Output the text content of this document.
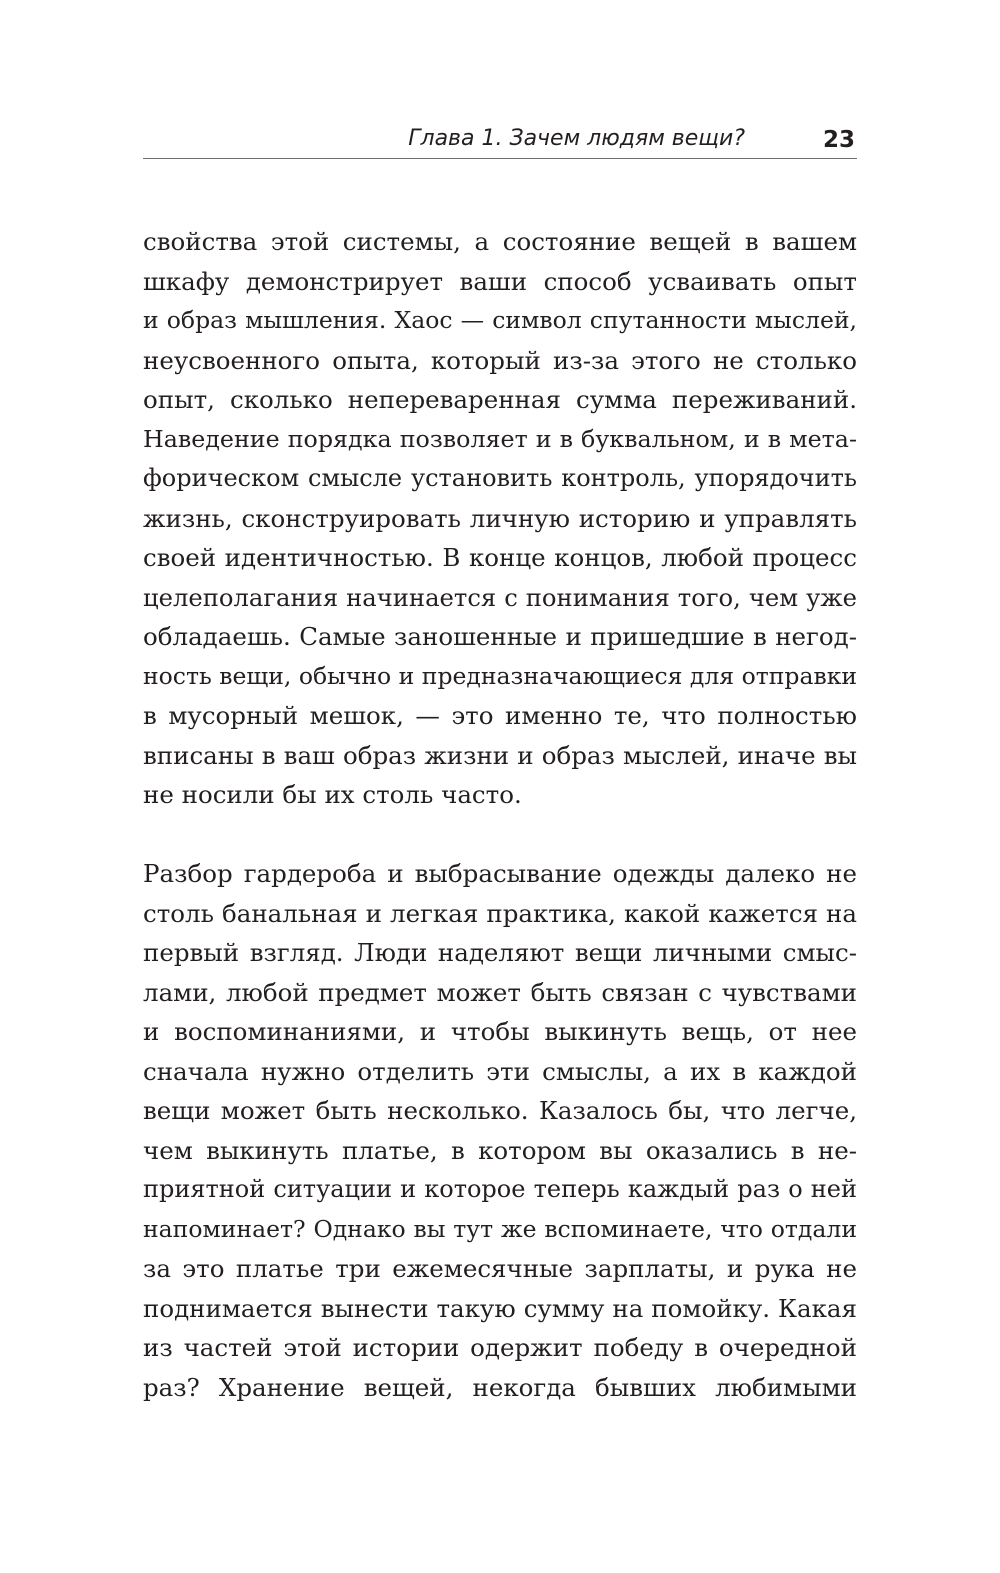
Глава 1. Зачем людям вещи?	23
свойства этой системы, а состояние вещей в вашем
шкафу демонстрирует ваши способ усваивать опыт
и образ мышления. Хаос — символ спутанности мыслей,
неусвоенного опыта, который из-за этого не столько
опыт, сколько непереваренная сумма переживаний.
Наведение порядка позволяет и в буквальном, и в мета-
форическом смысле установить контроль, упорядочить
жизнь, сконструировать личную историю и управлять
своей идентичностью. В конце концов, любой процесс
целеполагания начинается с понимания того, чем уже
обладаешь. Самые заношенные и пришедшие в негод-
ность вещи, обычно и предназначающиеся для отправки
в мусорный мешок, — это именно те, что полностью
вписаны в ваш образ жизни и образ мыслей, иначе вы
не носили бы их столь часто.
Разбор гардероба и выбрасывание одежды далеко не
столь банальная и легкая практика, какой кажется на
первый взгляд. Люди наделяют вещи личными смыс-
лами, любой предмет может быть связан с чувствами
и воспоминаниями, и чтобы выкинуть вещь, от нее
сначала нужно отделить эти смыслы, а их в каждой
вещи может быть несколько. Казалось бы, что легче,
чем выкинуть платье, в котором вы оказались в не-
приятной ситуации и которое теперь каждый раз о ней
напоминает? Однако вы тут же вспоминаете, что отдали
за это платье три ежемесячные зарплаты, и рука не
поднимается вынести такую сумму на помойку. Какая
из частей этой истории одержит победу в очередной
раз? Хранение вещей, некогда бывших любимыми
